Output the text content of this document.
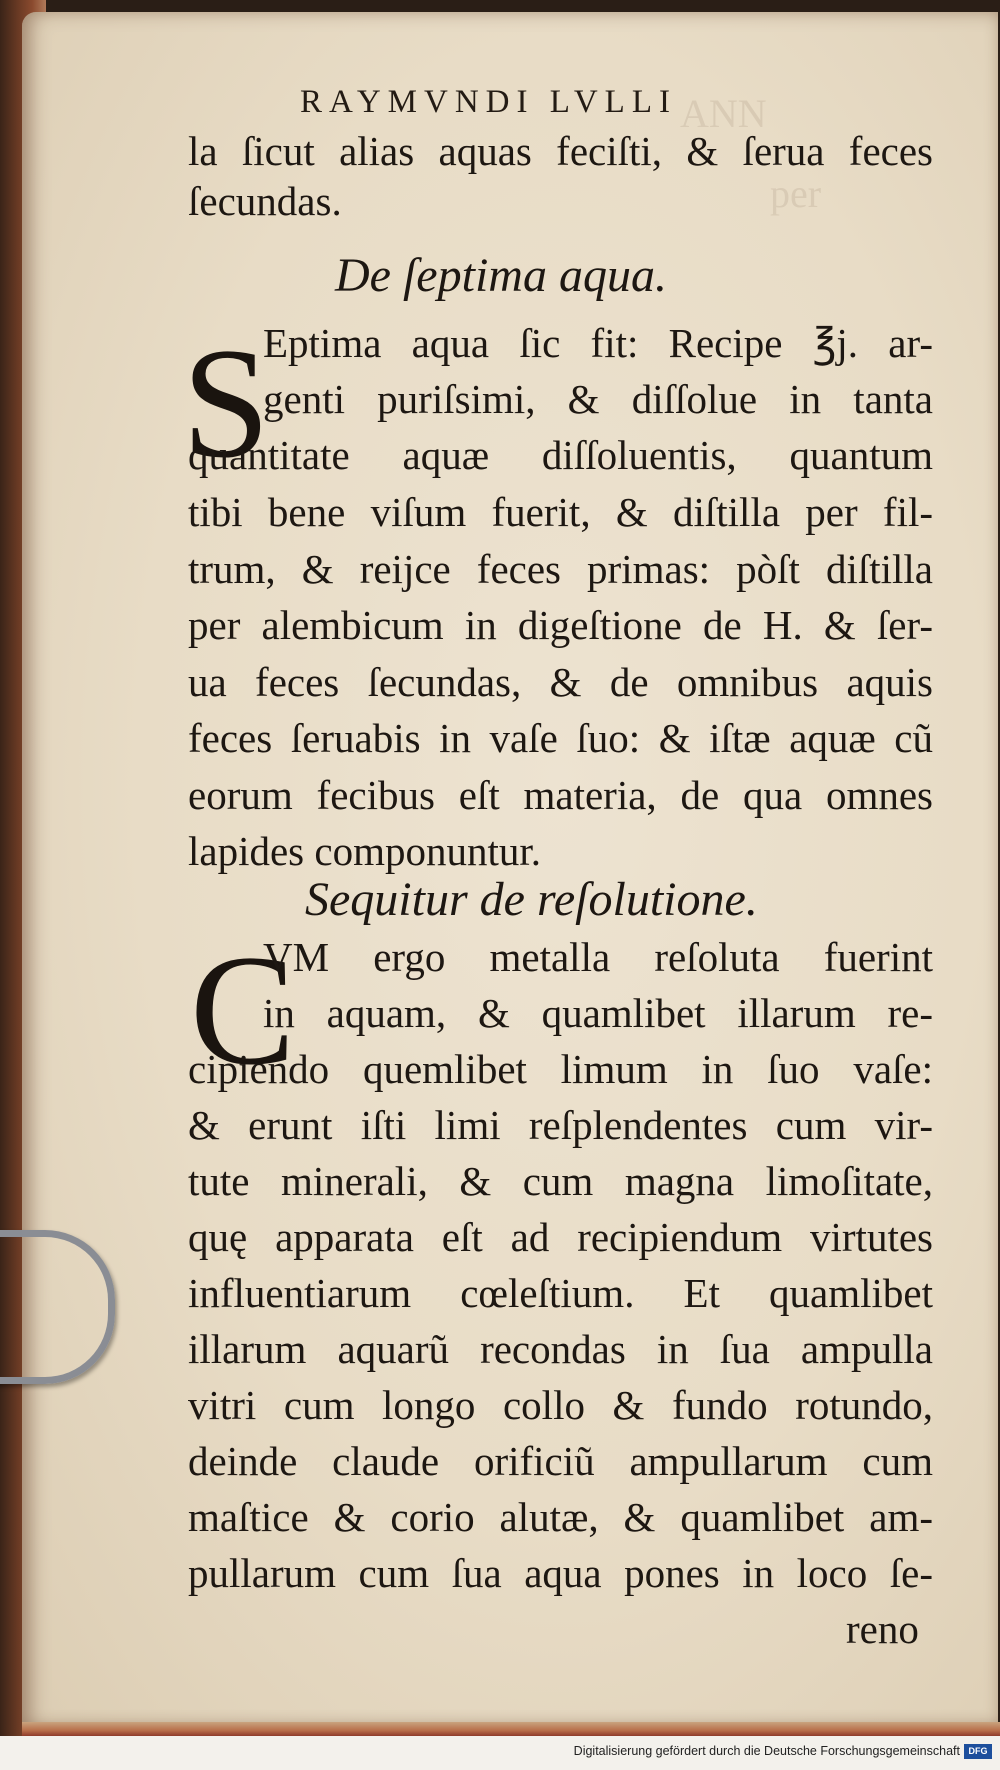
ANN
per
RAYMVNDI LVLLI
la ſicut alias aquas feciſti, & ſerua feces
ſecundas.
De ſeptima aqua.
S
Eptima aqua ſic fit: Recipe ℥j. ar-
genti puriſsimi, & diſſolue in tanta
quantitate aquæ diſſoluentis, quantum
tibi bene viſum fuerit, & diſtilla per fil-
trum, & reijce feces primas: pòſt diſtilla
per alembicum in digeſtione de H. & ſer-
ua feces ſecundas, & de omnibus aquis
feces ſeruabis in vaſe ſuo: & iſtæ aquæ cũ
eorum fecibus eſt materia, de qua omnes
lapides componuntur.
Sequitur de reſolutione.
C
VM ergo metalla reſoluta fuerint
in aquam, & quamlibet illarum re-
cipiendo quemlibet limum in ſuo vaſe:
& erunt iſti limi reſplendentes cum vir-
tute minerali, & cum magna limoſitate,
quę apparata eſt ad recipiendum virtutes
influentiarum cœleſtium. Et quamlibet
illarum aquarũ recondas in ſua ampulla
vitri cum longo collo & fundo rotundo,
deinde claude orificiũ ampullarum cum
maſtice & corio alutæ, & quamlibet am-
pullarum cum ſua aqua pones in loco ſe-
reno
Digitalisierung gefördert durch die Deutsche Forschungsgemeinschaft DFG
